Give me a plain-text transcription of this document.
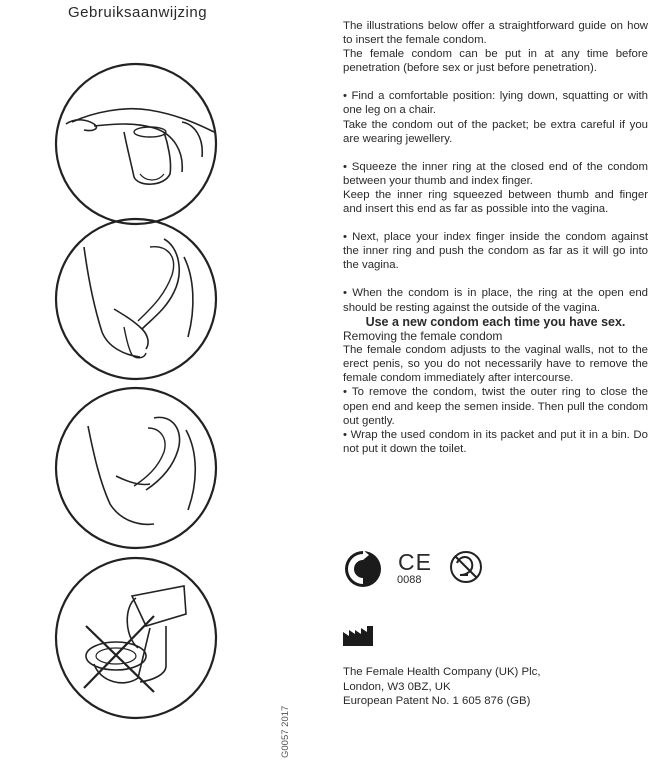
Gebruiksaanwijzing
G0057 2017

The illustrations below offer a straightforward guide on how to insert the female condom.

The female condom can be put in at any time before penetration (before sex or just before penetration).

• Find a comfortable position: lying down, squatting or with one leg on a chair.

Take the condom out of the packet; be extra careful if you are wearing jewellery.

• Squeeze the inner ring at the closed end of the condom between your thumb and index finger.

Keep the inner ring squeezed between thumb and finger and insert this end as far as possible into the vagina.

• Next, place your index finger inside the condom against the inner ring and push the condom as far as it will go into the vagina.

• When the condom is in place, the ring at the open end should be resting against the outside of the vagina.

Use a new condom each time you have sex.

Removing the female condom

The female condom adjusts to the vaginal walls, not to the erect penis, so you do not necessarily have to remove the female condom immediately after intercourse.

• To remove the condom, twist the outer ring to close the open end and keep the semen inside. Then pull the condom out gently.

• Wrap the used condom in its packet and put it in a bin. Do not put it down the toilet.

CE
0088

The Female Health Company (UK) Plc,

London, W3 0BZ, UK

European Patent No. 1 605 876 (GB)
